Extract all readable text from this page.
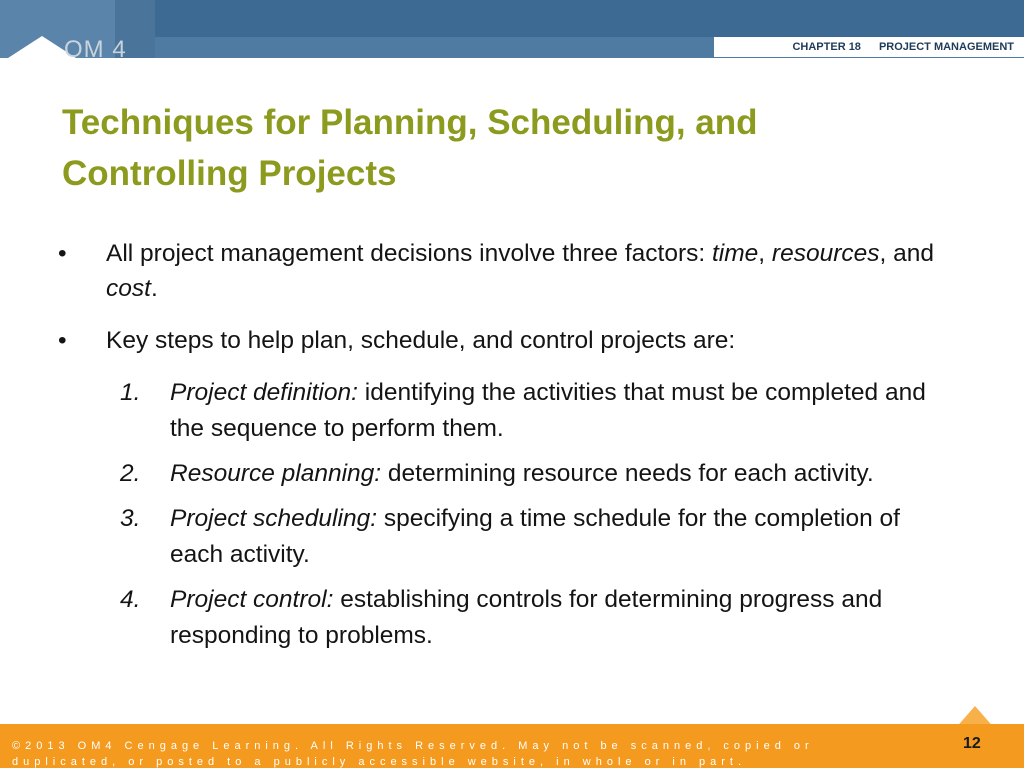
OM 4	CHAPTER 18 PROJECT MANAGEMENT
Techniques for Planning, Scheduling, and
Controlling Projects
•	All project management decisions involve three factors: time, resources, and cost.
•	Key steps to help plan, schedule, and control projects are:
1.	Project definition: identifying the activities that must be completed and the sequence to perform them.
2.	Resource planning: determining resource needs for each activity.
3.	Project scheduling: specifying a time schedule for the completion of each activity.
4.	Project control: establishing controls for determining progress and responding to problems.
©2013 OM4 Cengage Learning. All Rights Reserved. May not be scanned, copied or duplicated, or posted to a publicly accessible website, in whole or in part.
12
